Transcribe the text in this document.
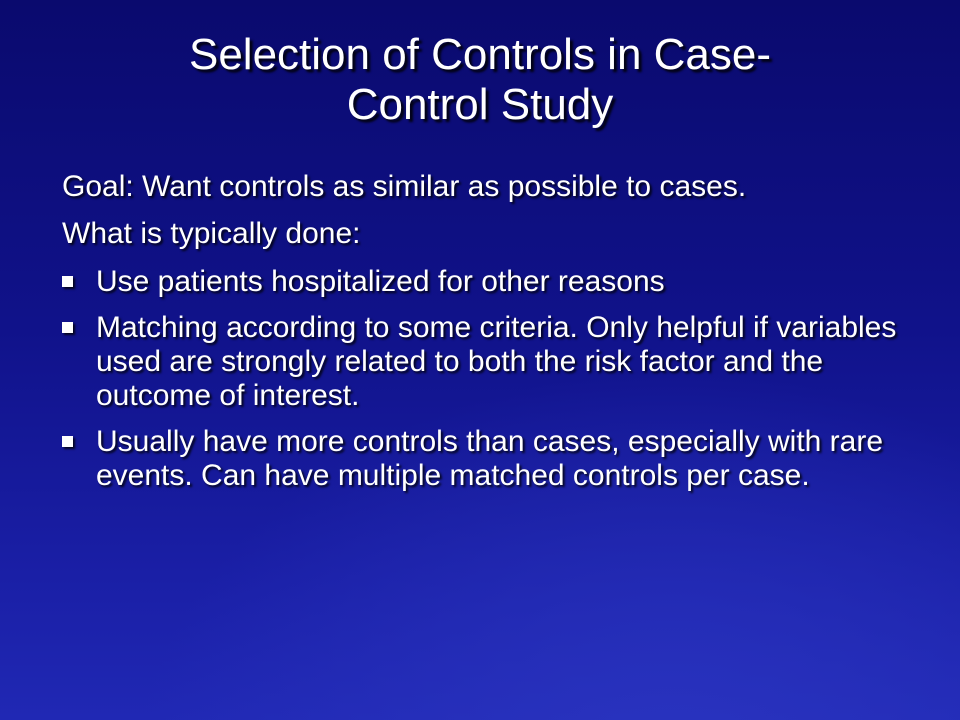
Selection of Controls in Case-
Control Study
Goal: Want controls as similar as possible to cases.
What is typically done:
Use patients hospitalized for other reasons
Matching according to some criteria. Only helpful if variables used are strongly related to both the risk factor and the outcome of interest.
Usually have more controls than cases, especially with rare events. Can have multiple matched controls per case.
